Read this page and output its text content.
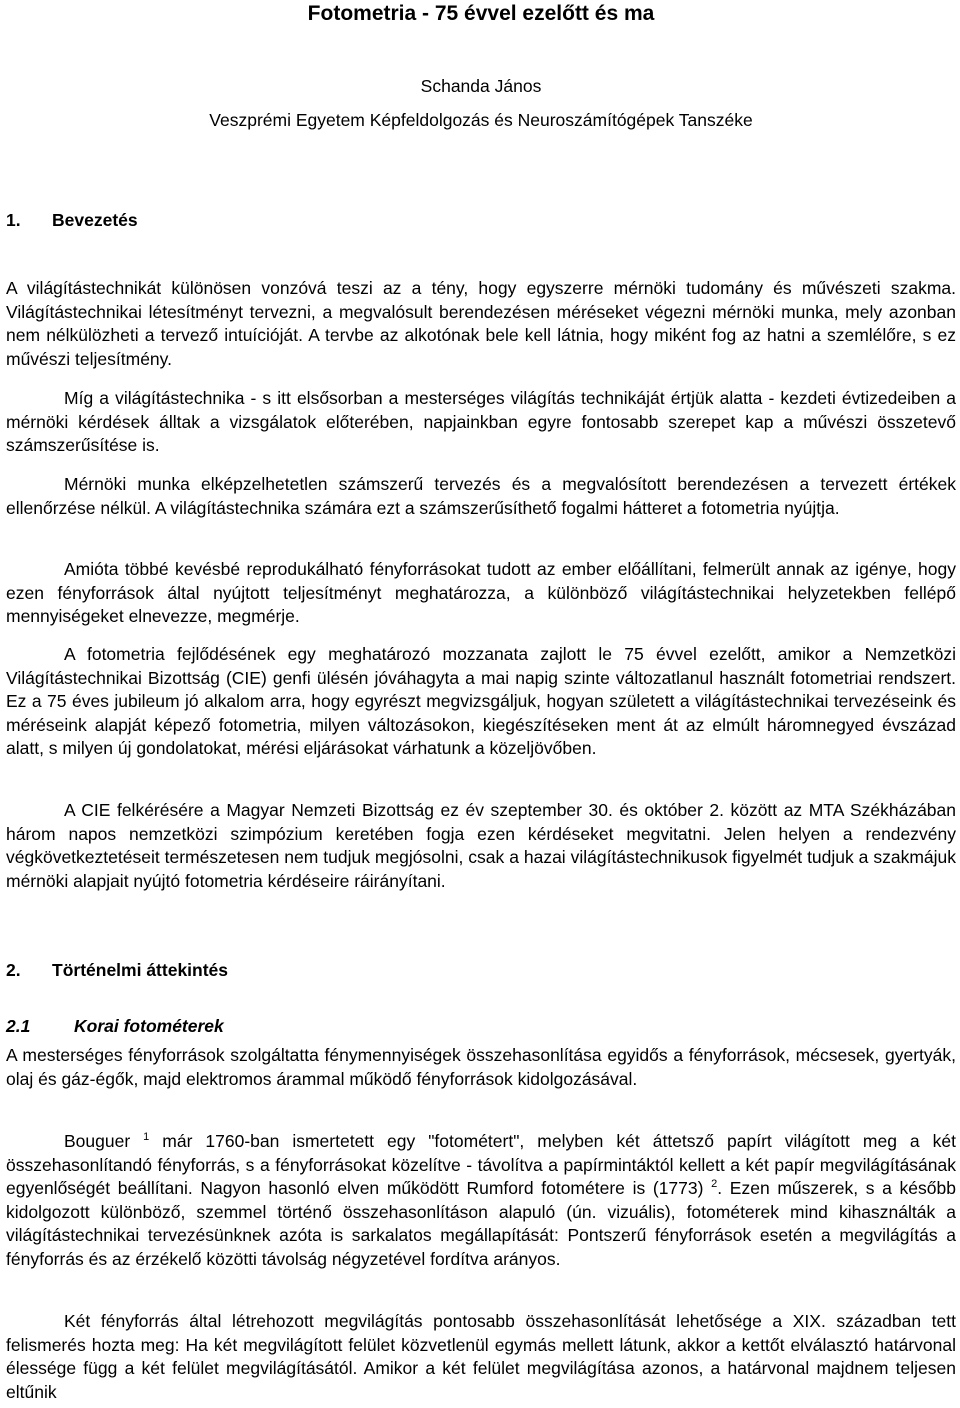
Fotometria - 75 évvel ezelőtt és ma
Schanda János
Veszprémi Egyetem Képfeldolgozás és Neuroszámítógépek Tanszéke
1. Bevezetés

A világítástechnikát különösen vonzóvá teszi az a tény, hogy egyszerre mérnöki tudomány és művészeti szakma. Világítástechnikai létesítményt tervezni, a megvalósult berendezésen méréseket végezni mérnöki munka, mely azonban nem nélkülözheti a tervező intuícióját. A tervbe az alkotónak bele kell látnia, hogy miként fog az hatni a szemlélőre, s ez művészi teljesítmény.

Míg a világítástechnika - s itt elsősorban a mesterséges világítás technikáját értjük alatta - kezdeti évtizedeiben a mérnöki kérdések álltak a vizsgálatok előterében, napjainkban egyre fontosabb szerepet kap a művészi összetevő számszerűsítése is.

Mérnöki munka elképzelhetetlen számszerű tervezés és a megvalósított berendezésen a tervezett értékek ellenőrzése nélkül. A világítástechnika számára ezt a számszerűsíthető fogalmi hátteret a fotometria nyújtja.

Amióta többé kevésbé reprodukálható fényforrásokat tudott az ember előállítani, felmerült annak az igénye, hogy ezen fényforrások által nyújtott teljesítményt meghatározza, a különböző világítástechnikai helyzetekben fellépő mennyiségeket elnevezze, megmérje.

A fotometria fejlődésének egy meghatározó mozzanata zajlott le 75 évvel ezelőtt, amikor a Nemzetközi Világítástechnikai Bizottság (CIE) genfi ülésén jóváhagyta a mai napig szinte változatlanul használt fotometriai rendszert. Ez a 75 éves jubileum jó alkalom arra, hogy egyrészt megvizsgáljuk, hogyan született a világítástechnikai tervezéseink és méréseink alapját képező fotometria, milyen változásokon, kiegészítéseken ment át az elmúlt háromnegyed évszázad alatt, s milyen új gondolatokat, mérési eljárásokat várhatunk a közeljövőben.

A CIE felkérésére a Magyar Nemzeti Bizottság ez év szeptember 30. és október 2. között az MTA Székházában három napos nemzetközi szimpózium keretében fogja ezen kérdéseket megvitatni. Jelen helyen a rendezvény végkövetkeztetéseit természetesen nem tudjuk megjósolni, csak a hazai világítástechnikusok figyelmét tudjuk a szakmájuk mérnöki alapjait nyújtó fotometria kérdéseire ráirányítani.

2. Történelmi áttekintés
2.1 Korai fotométerek

A mesterséges fényforrások szolgáltatta fénymennyiségek összehasonlítása egyidős a fényforrások, mécsesek, gyertyák, olaj és gáz-égők, majd elektromos árammal működő fényforrások kidolgozásával.

Bouguer $^1$ már 1760-ban ismertetett egy "fotométert", melyben két áttetsző papírt világított meg a két összehasonlítandó fényforrás, s a fényforrásokat közelítve - távolítva a papírmintáktól kellett a két papír megvilágításának egyenlőségét beállítani. Nagyon hasonló elven működött Rumford fotométere is (1773) $^2$. Ezen műszerek, s a később kidolgozott különböző, szemmel történő összehasonlításon alapuló (ún. vizuális), fotométerek mind kihasználták a világítástechnikai tervezésünknek azóta is sarkalatos megállapítását: Pontszerű fényforrások esetén a megvilágítás a fényforrás és az érzékelő közötti távolság négyzetével fordítva arányos.

Két fényforrás által létrehozott megvilágítás pontosabb összehasonlítását lehetősége a XIX. században tett felismerés hozta meg: Ha két megvilágított felület közvetlenül egymás mellett látunk, akkor a kettőt elválasztó határvonal élessége függ a két felület megvilágításától. Amikor a két felület megvilágítása azonos, a határvonal majdnem teljesen eltűnik
